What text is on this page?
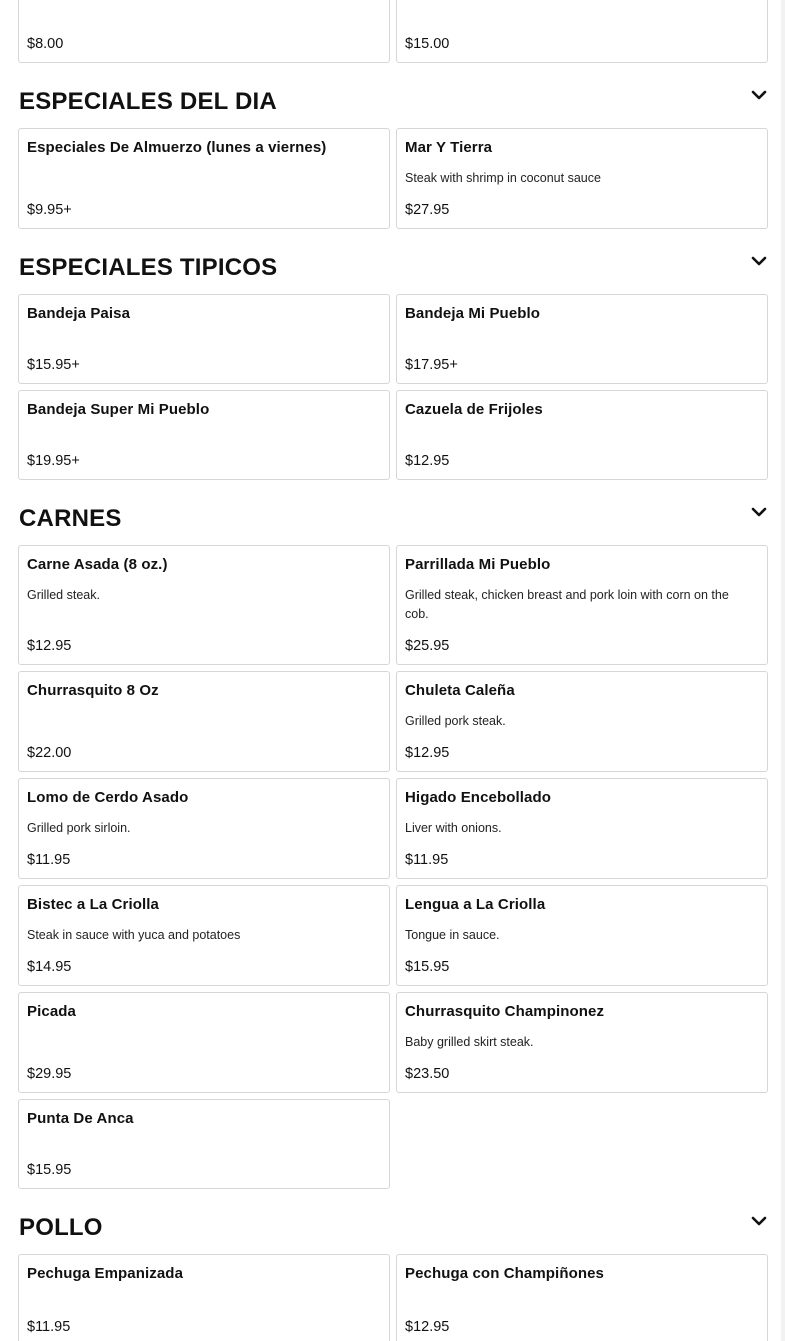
$8.00	$15.00
ESPECIALES DEL DIA
Especiales De Almuerzo (lunes a viernes)
$9.95+
Mar Y Tierra
Steak with shrimp in coconut sauce
$27.95
ESPECIALES TIPICOS
Bandeja Paisa
$15.95+
Bandeja Mi Pueblo
$17.95+
Bandeja Super Mi Pueblo
$19.95+
Cazuela de Frijoles
$12.95
CARNES
Carne Asada (8 oz.)
Grilled steak.
$12.95
Parrillada Mi Pueblo
Grilled steak, chicken breast and pork loin with corn on the cob.
$25.95
Churrasquito 8 Oz
$22.00
Chuleta Caleña
Grilled pork steak.
$12.95
Lomo de Cerdo Asado
Grilled pork sirloin.
$11.95
Higado Encebollado
Liver with onions.
$11.95
Bistec a La Criolla
Steak in sauce with yuca and potatoes
$14.95
Lengua a La Criolla
Tongue in sauce.
$15.95
Picada
$29.95
Churrasquito Champinonez
Baby grilled skirt steak.
$23.50
Punta De Anca
$15.95
POLLO
Pechuga Empanizada
$11.95
Pechuga con Champiñones
$12.95
